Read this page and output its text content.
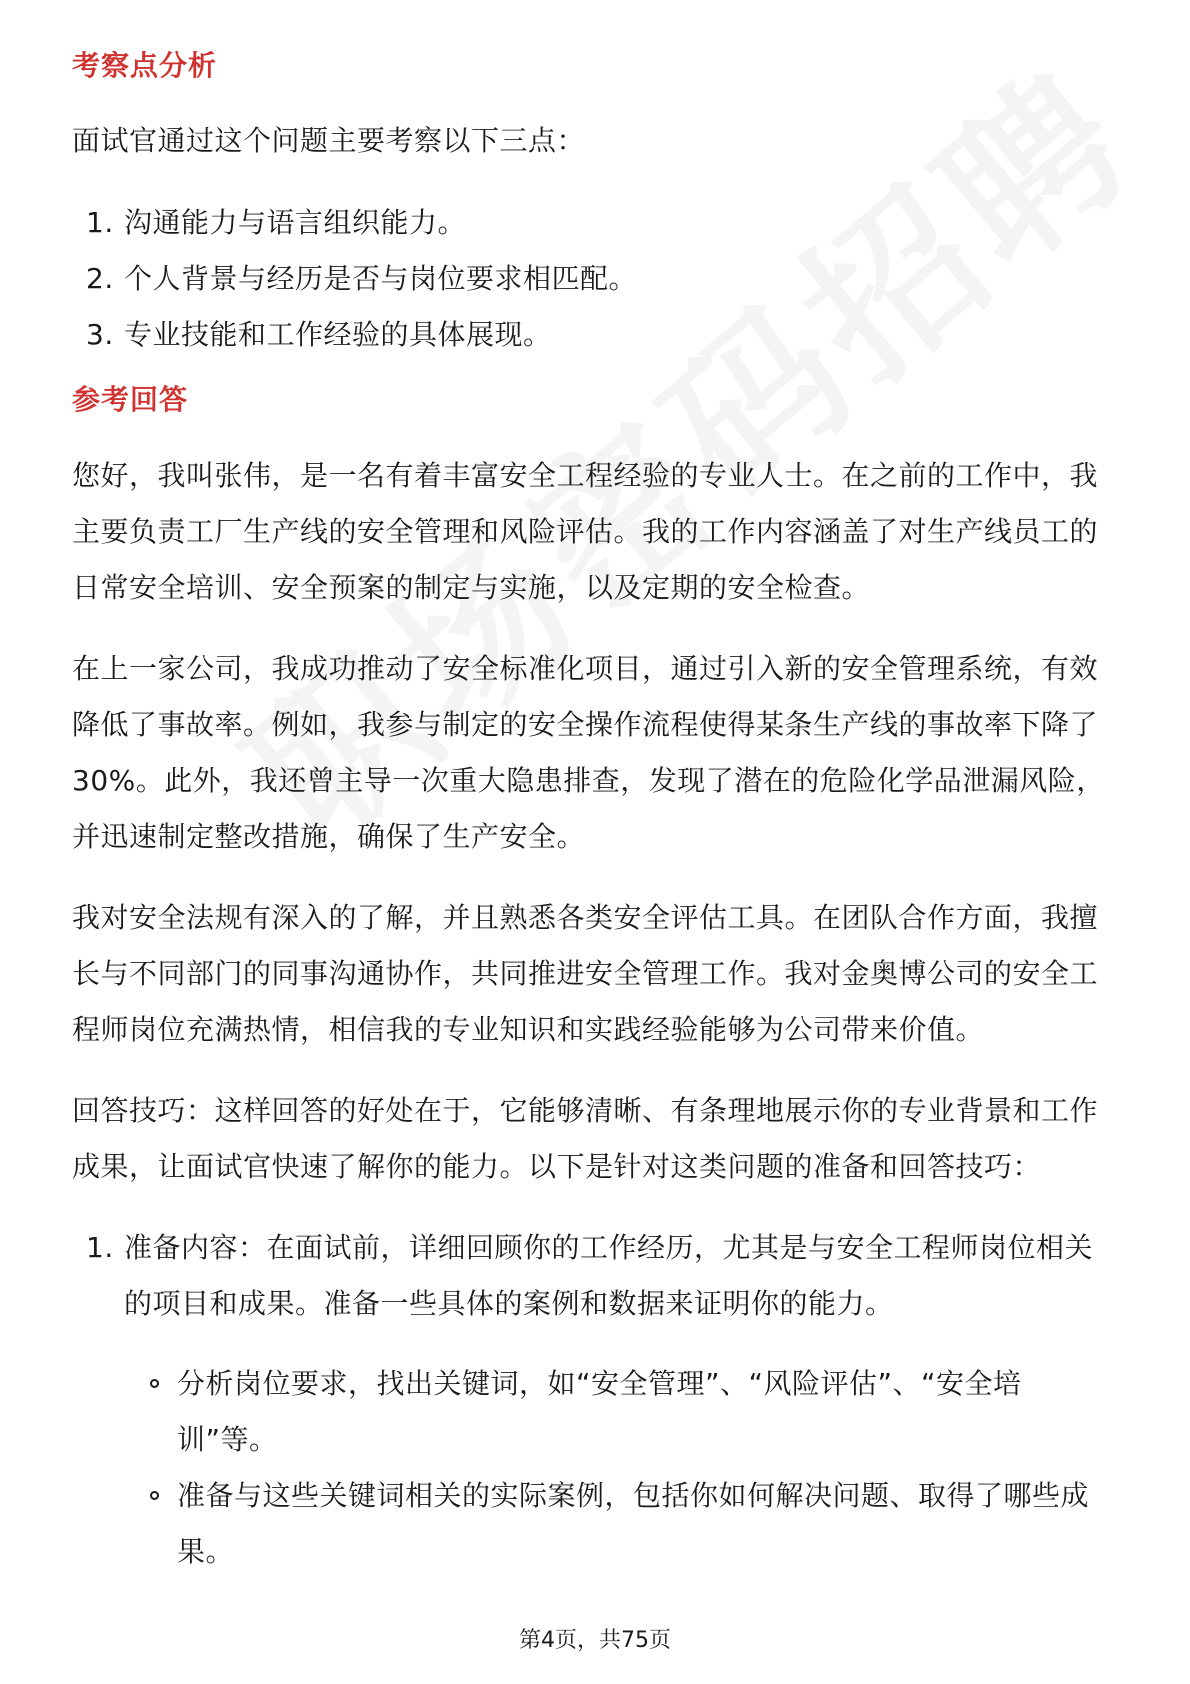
考察点分析

面试官通过这个问题主要考察以下三点：

1. 沟通能力与语言组织能力。
2. 个人背景与经历是否与岗位要求相匹配。
3. 专业技能和工作经验的具体展现。
参考回答
您好，我叫张伟，是一名有着丰富安全工程经验的专业人士。在之前的工作中，我
主要负责工厂生产线的安全管理和风险评估。我的工作内容涵盖了对生产线员工的
日常安全培训、安全预案的制定与实施，以及定期的安全检查。
在上一家公司，我成功推动了安全标准化项目，通过引入新的安全管理系统，有效
降低了事故率。例如，我参与制定的安全操作流程使得某条生产线的事故率下降了
30%。此外，我还曾主导一次重大隐患排查，发现了潜在的危险化学品泄漏风险，
并迅速制定整改措施，确保了生产安全。
我对安全法规有深入的了解，并且熟悉各类安全评估工具。在团队合作方面，我擅
长与不同部门的同事沟通协作，共同推进安全管理工作。我对金奥博公司的安全工
程师岗位充满热情，相信我的专业知识和实践经验能够为公司带来价值。
回答技巧：这样回答的好处在于，它能够清晰、有条理地展示你的专业背景和工作
成果，让面试官快速了解你的能力。以下是针对这类问题的准备和回答技巧：
1. 准备内容：在面试前，详细回顾你的工作经历，尤其是与安全工程师岗位相关
的项目和成果。准备一些具体的案例和数据来证明你的能力。
分析岗位要求，找出关键词，如“安全管理”、“风险评估”、“安全培训”等。
准备与这些关键词相关的实际案例，包括你如何解决问题、取得了哪些成
果。
第4页，共75页
